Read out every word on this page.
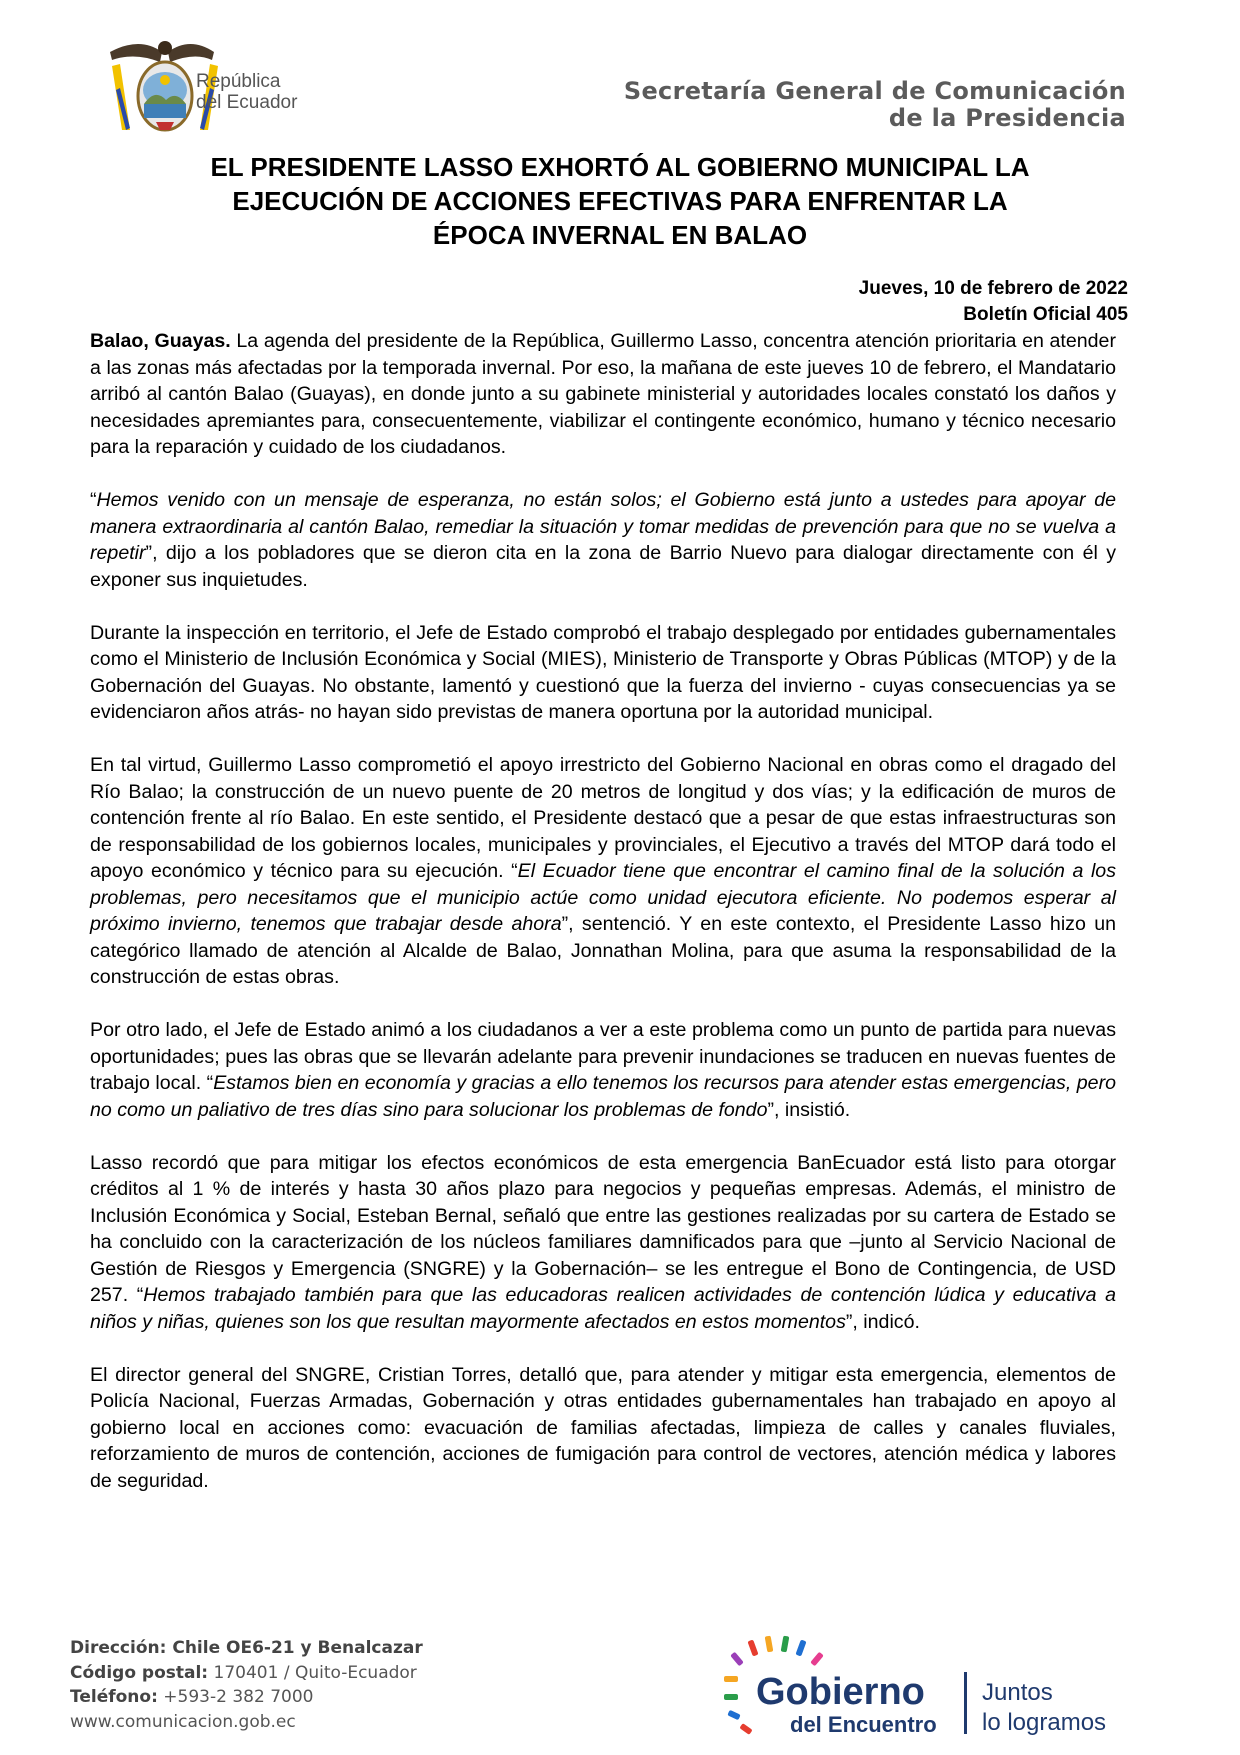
República
del Ecuador	Secretaría General de Comunicación
de la Presidencia
EL PRESIDENTE LASSO EXHORTÓ AL GOBIERNO MUNICIPAL LA
EJECUCIÓN DE ACCIONES EFECTIVAS PARA ENFRENTAR LA
ÉPOCA INVERNAL EN BALAO
Jueves, 10 de febrero de 2022
Boletín Oficial 405

Balao, Guayas. La agenda del presidente de la República, Guillermo Lasso, concentra atención prioritaria en atender a las zonas más afectadas por la temporada invernal. Por eso, la mañana de este jueves 10 de febrero, el Mandatario arribó al cantón Balao (Guayas), en donde junto a su gabinete ministerial y autoridades locales constató los daños y necesidades apremiantes para, consecuentemente, viabilizar el contingente económico, humano y técnico necesario para la reparación y cuidado de los ciudadanos.

“Hemos venido con un mensaje de esperanza, no están solos; el Gobierno está junto a ustedes para apoyar de manera extraordinaria al cantón Balao, remediar la situación y tomar medidas de prevención para que no se vuelva a repetir”, dijo a los pobladores que se dieron cita en la zona de Barrio Nuevo para dialogar directamente con él y exponer sus inquietudes.

Durante la inspección en territorio, el Jefe de Estado comprobó el trabajo desplegado por entidades gubernamentales como el Ministerio de Inclusión Económica y Social (MIES), Ministerio de Transporte y Obras Públicas (MTOP) y de la Gobernación del Guayas. No obstante, lamentó y cuestionó que la fuerza del invierno - cuyas consecuencias ya se evidenciaron años atrás- no hayan sido previstas de manera oportuna por la autoridad municipal.

En tal virtud, Guillermo Lasso comprometió el apoyo irrestricto del Gobierno Nacional en obras como el dragado del Río Balao; la construcción de un nuevo puente de 20 metros de longitud y dos vías; y la edificación de muros de contención frente al río Balao. En este sentido, el Presidente destacó que a pesar de que estas infraestructuras son de responsabilidad de los gobiernos locales, municipales y provinciales, el Ejecutivo a través del MTOP dará todo el apoyo económico y técnico para su ejecución. “El Ecuador tiene que encontrar el camino final de la solución a los problemas, pero necesitamos que el municipio actúe como unidad ejecutora eficiente. No podemos esperar al próximo invierno, tenemos que trabajar desde ahora”, sentenció. Y en este contexto, el Presidente Lasso hizo un categórico llamado de atención al Alcalde de Balao, Jonnathan Molina, para que asuma la responsabilidad de la construcción de estas obras.

Por otro lado, el Jefe de Estado animó a los ciudadanos a ver a este problema como un punto de partida para nuevas oportunidades; pues las obras que se llevarán adelante para prevenir inundaciones se traducen en nuevas fuentes de trabajo local. “Estamos bien en economía y gracias a ello tenemos los recursos para atender estas emergencias, pero no como un paliativo de tres días sino para solucionar los problemas de fondo”, insistió.

Lasso recordó que para mitigar los efectos económicos de esta emergencia BanEcuador está listo para otorgar créditos al 1 % de interés y hasta 30 años plazo para negocios y pequeñas empresas. Además, el ministro de Inclusión Económica y Social, Esteban Bernal, señaló que entre las gestiones realizadas por su cartera de Estado se ha concluido con la caracterización de los núcleos familiares damnificados para que –junto al Servicio Nacional de Gestión de Riesgos y Emergencia (SNGRE) y la Gobernación– se les entregue el Bono de Contingencia, de USD 257. “Hemos trabajado también para que las educadoras realicen actividades de contención lúdica y educativa a niños y niñas, quienes son los que resultan mayormente afectados en estos momentos”, indicó.

El director general del SNGRE, Cristian Torres, detalló que, para atender y mitigar esta emergencia, elementos de Policía Nacional, Fuerzas Armadas, Gobernación y otras entidades gubernamentales han trabajado en apoyo al gobierno local en acciones como: evacuación de familias afectadas, limpieza de calles y canales fluviales, reforzamiento de muros de contención, acciones de fumigación para control de vectores, atención médica y labores de seguridad.

Dirección: Chile OE6-21 y Benalcazar
Código postal: 170401 / Quito-Ecuador
Teléfono: +593-2 382 7000
www.comunicacion.gob.ec
Gobierno
del Encuentro
Juntos
lo logramos
